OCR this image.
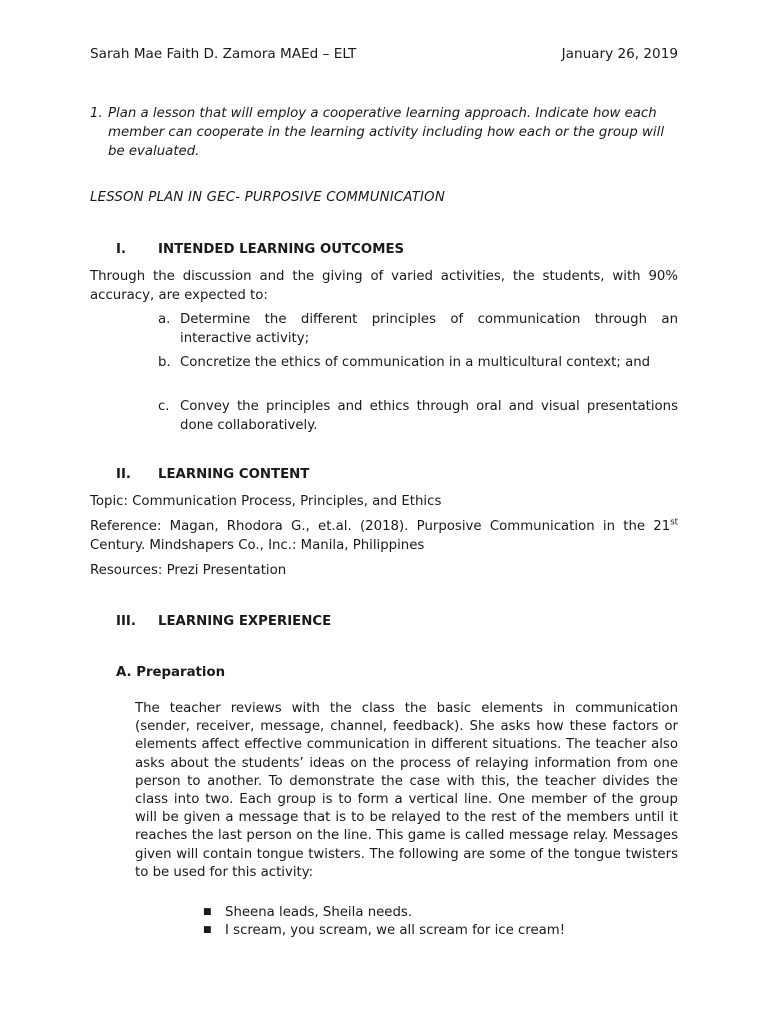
Sarah Mae Faith D. Zamora MAEd – ELT	January 26, 2019
1. Plan a lesson that will employ a cooperative learning approach. Indicate how each member can cooperate in the learning activity including how each or the group will be evaluated.
LESSON PLAN IN GEC- PURPOSIVE COMMUNICATION
I. INTENDED LEARNING OUTCOMES
Through the discussion and the giving of varied activities, the students, with 90% accuracy, are expected to:
a. Determine the different principles of communication through an interactive activity;
b. Concretize the ethics of communication in a multicultural context; and
c. Convey the principles and ethics through oral and visual presentations done collaboratively.
II. LEARNING CONTENT
Topic: Communication Process, Principles, and Ethics
Reference: Magan, Rhodora G., et.al. (2018). Purposive Communication in the 21st Century. Mindshapers Co., Inc.: Manila, Philippines
Resources: Prezi Presentation
III. LEARNING EXPERIENCE
A. Preparation
The teacher reviews with the class the basic elements in communication (sender, receiver, message, channel, feedback). She asks how these factors or elements affect effective communication in different situations. The teacher also asks about the students’ ideas on the process of relaying information from one person to another. To demonstrate the case with this, the teacher divides the class into two. Each group is to form a vertical line. One member of the group will be given a message that is to be relayed to the rest of the members until it reaches the last person on the line. This game is called message relay. Messages given will contain tongue twisters. The following are some of the tongue twisters to be used for this activity:
■ Sheena leads, Sheila needs.
■ I scream, you scream, we all scream for ice cream!
